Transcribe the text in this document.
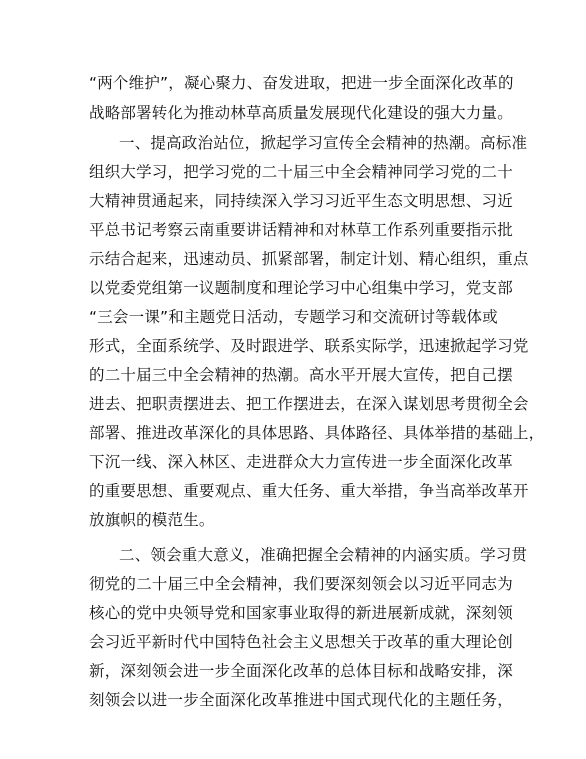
“两个维护”，凝心聚力、奋发进取，把进一步全面深化改革的
战略部署转化为推动林草高质量发展现代化建设的强大力量。
一、提高政治站位，掀起学习宣传全会精神的热潮。高标准
组织大学习，把学习党的二十届三中全会精神同学习党的二十
大精神贯通起来，同持续深入学习习近平生态文明思想、习近
平总书记考察云南重要讲话精神和对林草工作系列重要指示批
示结合起来，迅速动员、抓紧部署，制定计划、精心组织，重点
以党委党组第一议题制度和理论学习中心组集中学习，党支部
“三会一课”和主题党日活动，专题学习和交流研讨等载体或
形式，全面系统学、及时跟进学、联系实际学，迅速掀起学习党
的二十届三中全会精神的热潮。高水平开展大宣传，把自己摆
进去、把职责摆进去、把工作摆进去，在深入谋划思考贯彻全会
部署、推进改革深化的具体思路、具体路径、具体举措的基础上，
下沉一线、深入林区、走进群众大力宣传进一步全面深化改革
的重要思想、重要观点、重大任务、重大举措，争当高举改革开
放旗帜的模范生。
二、领会重大意义，准确把握全会精神的内涵实质。学习贯
彻党的二十届三中全会精神，我们要深刻领会以习近平同志为
核心的党中央领导党和国家事业取得的新进展新成就，深刻领
会习近平新时代中国特色社会主义思想关于改革的重大理论创
新，深刻领会进一步全面深化改革的总体目标和战略安排，深
刻领会以进一步全面深化改革推进中国式现代化的主题任务，
